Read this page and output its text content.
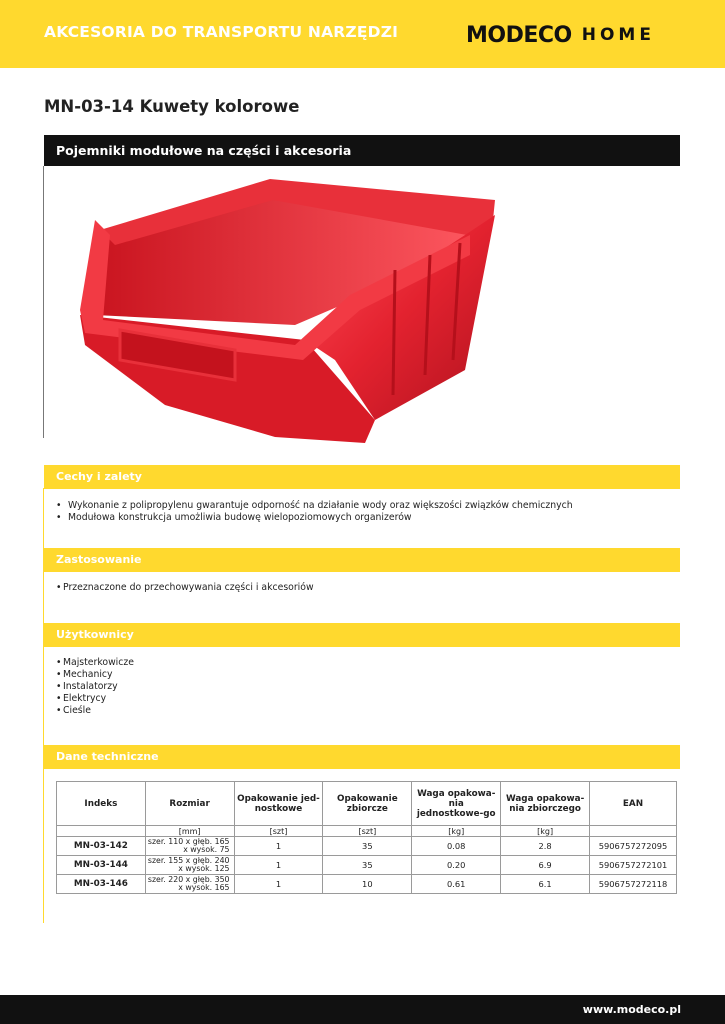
AKCESORIA DO TRANSPORTU NARZĘDZI	MODECO HOME
MN-03-14 Kuwety kolorowe
Pojemniki modułowe na części i akcesoria
Cechy i zalety
• Wykonanie z polipropylenu gwarantuje odporność na działanie wody oraz większości związków chemicznych
• Modułowa konstrukcja umożliwia budowę wielopoziomowych organizerów
Zastosowanie
• Przeznaczone do przechowywania części i akcesoriów
Użytkownicy
• Majsterkowicze
• Mechanicy
• Instalatorzy
• Elektrycy
• Cieśle
Dane techniczne
Indeks	Rozmiar	Opakowanie jed-nostkowe	Opakowanie zbiorcze	Waga opakowa-nia jednostkowe-go	Waga opakowa-nia zbiorczego	EAN
	[mm]	[szt]	[szt]	[kg]	[kg]	
MN-03-142	szer. 110 x głęb. 165
x wysok. 75	1	35	0.08	2.8	5906757272095
MN-03-144	szer. 155 x głęb. 240
x wysok. 125	1	35	0.20	6.9	5906757272101
MN-03-146	szer. 220 x głęb. 350
x wysok. 165	1	10	0.61	6.1	5906757272118
www.modeco.pl
